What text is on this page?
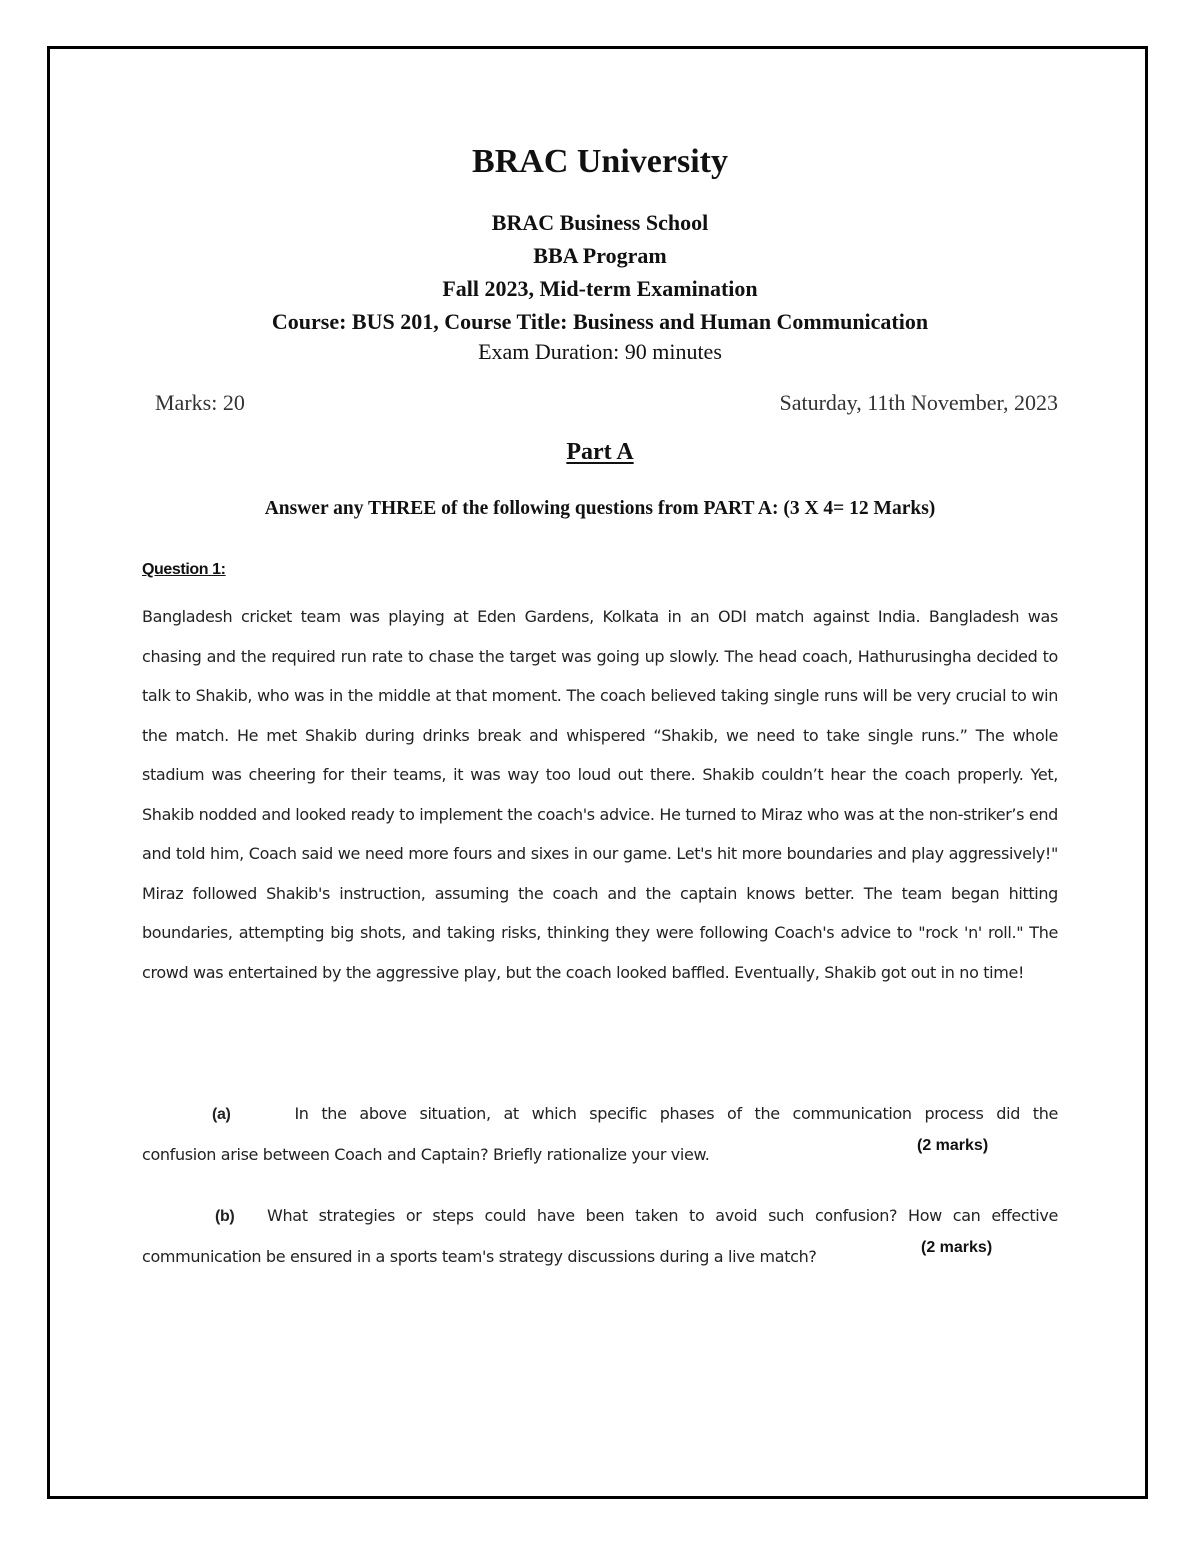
BRAC University
BRAC Business School
BBA Program
Fall 2023, Mid-term Examination
Course: BUS 201, Course Title: Business and Human Communication
Exam Duration: 90 minutes
Marks: 20	Saturday, 11th November, 2023
Part A
Answer any THREE of the following questions from PART A: (3 X 4= 12 Marks)
Question 1:

Bangladesh cricket team was playing at Eden Gardens, Kolkata in an ODI match against India. Bangladesh was chasing and the required run rate to chase the target was going up slowly. The head coach, Hathurusingha decided to talk to Shakib, who was in the middle at that moment. The coach believed taking single runs will be very crucial to win the match. He met Shakib during drinks break and whispered “Shakib, we need to take single runs.” The whole stadium was cheering for their teams, it was way too loud out there. Shakib couldn’t hear the coach properly. Yet, Shakib nodded and looked ready to implement the coach's advice. He turned to Miraz who was at the non-striker’s end and told him, Coach said we need more fours and sixes in our game. Let's hit more boundaries and play aggressively!" Miraz followed Shakib's instruction, assuming the coach and the captain knows better. The team began hitting boundaries, attempting big shots, and taking risks, thinking they were following Coach's advice to "rock 'n' roll." The crowd was entertained by the aggressive play, but the coach looked baffled. Eventually, Shakib got out in no time!

(a)	In the above situation, at which specific phases of the communication process did the
confusion arise between Coach and Captain? Briefly rationalize your view.	(2 marks)
(b) What strategies or steps could have been taken to avoid such confusion? How can effective
communication be ensured in a sports team's strategy discussions during a live match?	(2 marks)
